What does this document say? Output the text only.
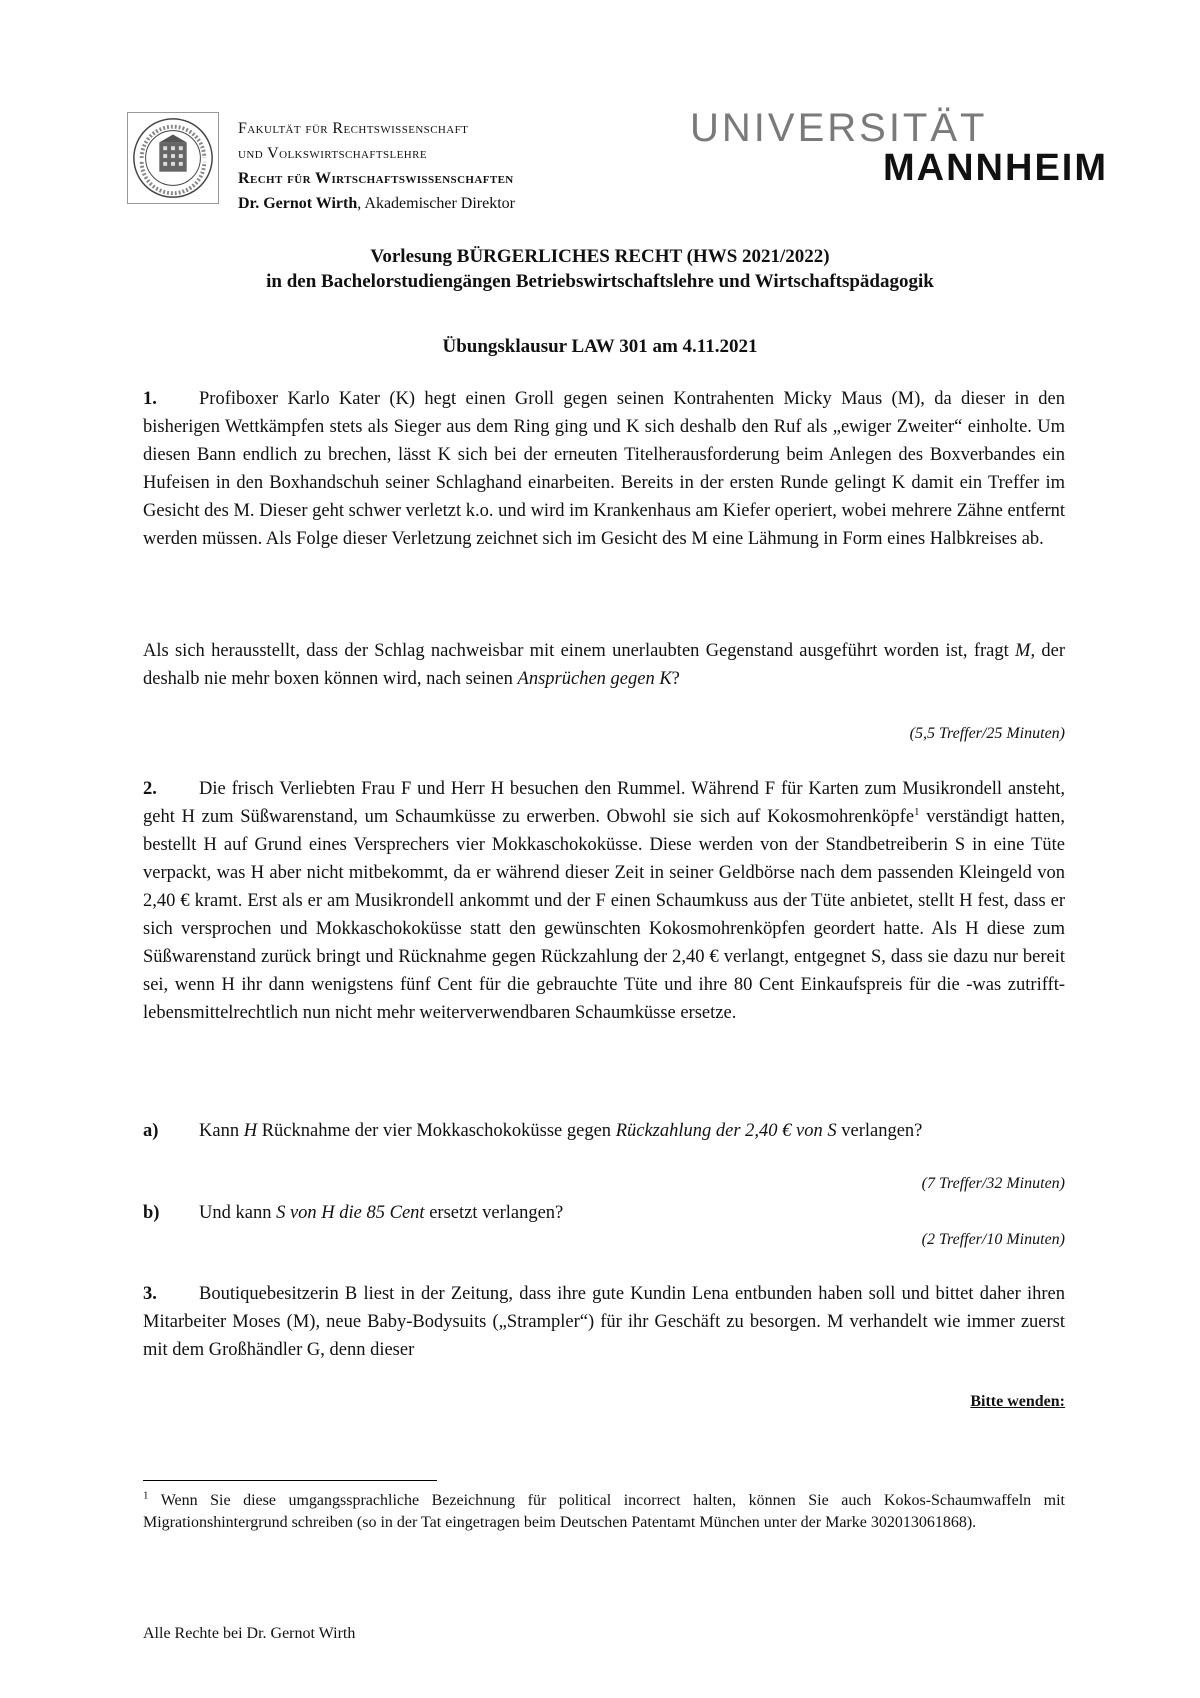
Fakultät für Rechtswissenschaft
und Volkswirtschaftslehre
Recht für Wirtschaftswissenschaften
Dr. Gernot Wirth, Akademischer Direktor
UNIVERSITÄT
MANNHEIM
Vorlesung BÜRGERLICHES RECHT (HWS 2021/2022)
in den Bachelorstudiengängen Betriebswirtschaftslehre und Wirtschaftspädagogik
Übungsklausur LAW 301 am 4.11.2021
1. Profiboxer Karlo Kater (K) hegt einen Groll gegen seinen Kontrahenten Micky Maus (M), da dieser in den bisherigen Wettkämpfen stets als Sieger aus dem Ring ging und K sich deshalb den Ruf als „ewiger Zweiter“ einholte. Um diesen Bann endlich zu brechen, lässt K sich bei der erneuten Titelherausforderung beim Anlegen des Boxverbandes ein Hufeisen in den Boxhandschuh seiner Schlaghand einarbeiten. Bereits in der ersten Runde gelingt K damit ein Treffer im Gesicht des M. Dieser geht schwer verletzt k.o. und wird im Krankenhaus am Kiefer operiert, wobei mehrere Zähne entfernt werden müssen. Als Folge dieser Verletzung zeichnet sich im Gesicht des M eine Lähmung in Form eines Halbkreises ab.
Als sich herausstellt, dass der Schlag nachweisbar mit einem unerlaubten Gegenstand ausgeführt worden ist, fragt M, der deshalb nie mehr boxen können wird, nach seinen Ansprüchen gegen K?
(5,5 Treffer/25 Minuten)
2. Die frisch Verliebten Frau F und Herr H besuchen den Rummel. Während F für Karten zum Musikrondell ansteht, geht H zum Süßwarenstand, um Schaumküsse zu erwerben. Obwohl sie sich auf Kokosmohrenköpfe$^1$ verständigt hatten, bestellt H auf Grund eines Versprechers vier Mokkaschokoküsse. Diese werden von der Standbetreiberin S in eine Tüte verpackt, was H aber nicht mitbekommt, da er während dieser Zeit in seiner Geldbörse nach dem passenden Kleingeld von 2,40 € kramt. Erst als er am Musikrondell ankommt und der F einen Schaumkuss aus der Tüte anbietet, stellt H fest, dass er sich versprochen und Mokkaschokoküsse statt den gewünschten Kokosmohrenköpfen geordert hatte. Als H diese zum Süßwarenstand zurück bringt und Rücknahme gegen Rückzahlung der 2,40 € verlangt, entgegnet S, dass sie dazu nur bereit sei, wenn H ihr dann wenigstens fünf Cent für die gebrauchte Tüte und ihre 80 Cent Einkaufspreis für die -was zutrifft- lebensmittelrechtlich nun nicht mehr weiterverwendbaren Schaumküsse ersetze.
a) Kann H Rücknahme der vier Mokkaschokoküsse gegen Rückzahlung der 2,40 € von S verlangen?
(7 Treffer/32 Minuten)
b) Und kann S von H die 85 Cent ersetzt verlangen?
(2 Treffer/10 Minuten)
3. Boutiquebesitzerin B liest in der Zeitung, dass ihre gute Kundin Lena entbunden haben soll und bittet daher ihren Mitarbeiter Moses (M), neue Baby-Bodysuits („Strampler“) für ihr Geschäft zu besorgen. M verhandelt wie immer zuerst mit dem Großhändler G, denn dieser
Bitte wenden:
$^1$ Wenn Sie diese umgangssprachliche Bezeichnung für political incorrect halten, können Sie auch Kokos-Schaumwaffeln mit Migrationshintergrund schreiben (so in der Tat eingetragen beim Deutschen Patentamt München unter der Marke 302013061868).
Alle Rechte bei Dr. Gernot Wirth
